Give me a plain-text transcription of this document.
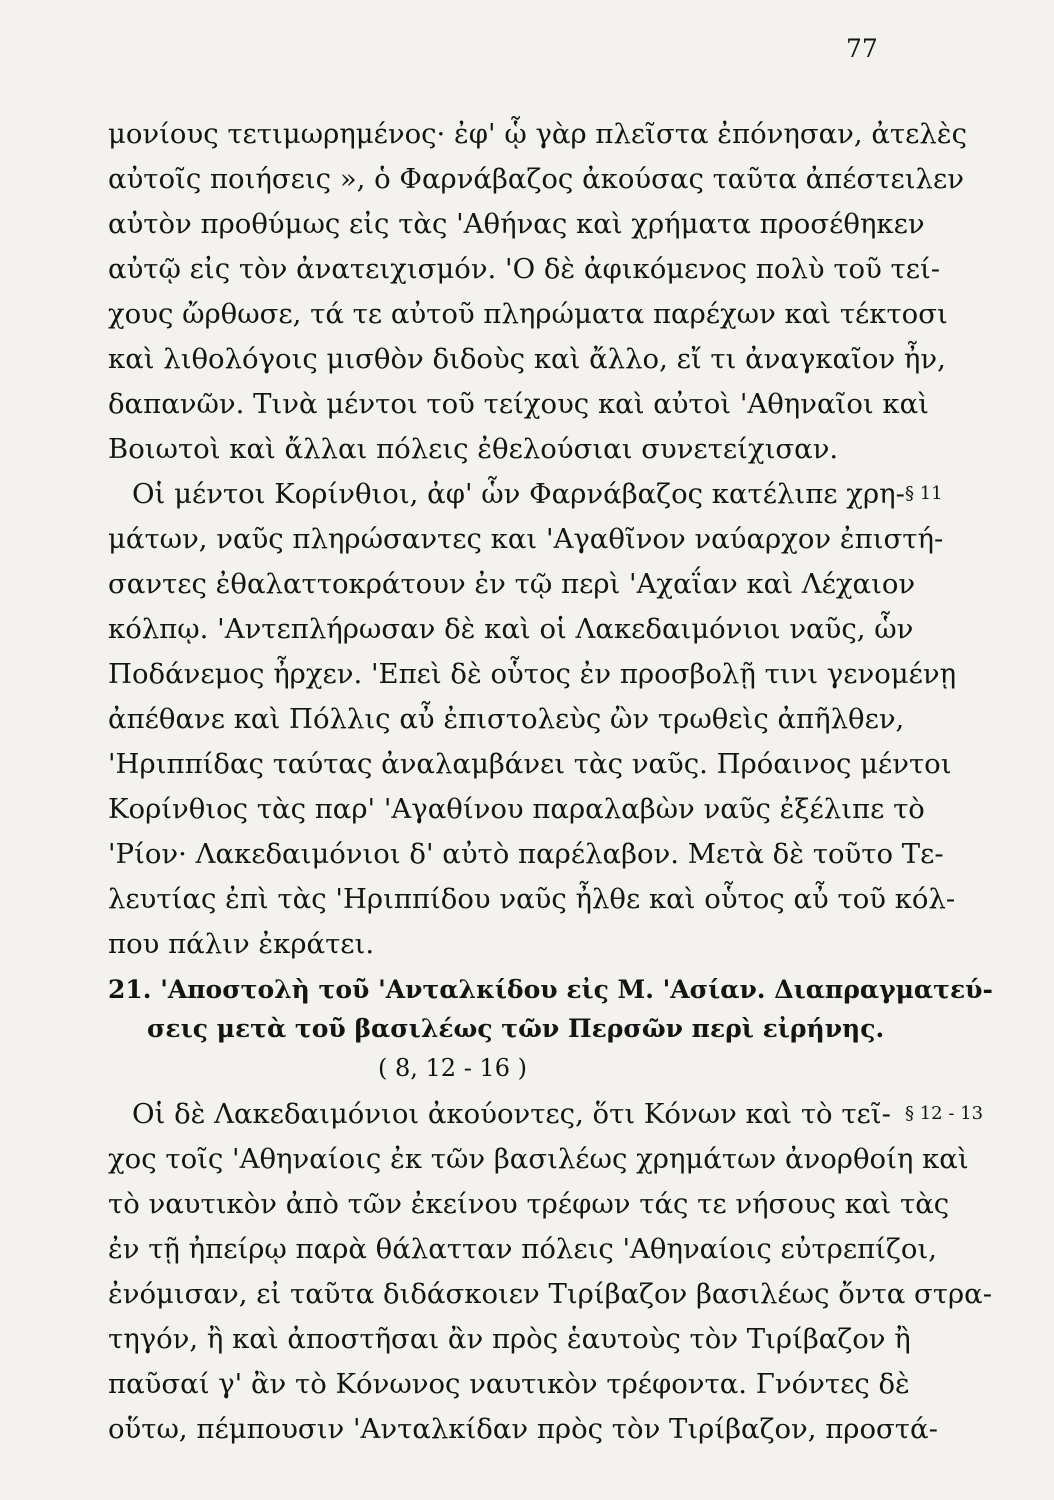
77
μονίους τετιμωρημένος· ἐφ' ᾧ γὰρ πλεῖστα ἐπόνησαν, ἀτελὲς
αὐτοῖς ποιήσεις », ὁ Φαρνάβαζος ἀκούσας ταῦτα ἀπέστειλεν
αὐτὸν προθύμως εἰς τὰς 'Αθήνας καὶ χρήματα προσέθηκεν
αὐτῷ εἰς τὸν ἀνατειχισμόν. 'Ο δὲ ἀφικόμενος πολὺ τοῦ τεί-
χους ὤρθωσε, τά τε αὐτοῦ πληρώματα παρέχων καὶ τέκτοσι
καὶ λιθολόγοις μισθὸν διδοὺς καὶ ἄλλο, εἴ τι ἀναγκαῖον ἦν,
δαπανῶν. Τινὰ μέντοι τοῦ τείχους καὶ αὐτοὶ 'Αθηναῖοι καὶ
Βοιωτοὶ καὶ ἄλλαι πόλεις ἐθελούσιαι συνετείχισαν.
Οἱ μέντοι Κορίνθιοι, ἀφ' ὧν Φαρνάβαζος κατέλιπε χρη- § 11
μάτων, ναῦς πληρώσαντες και 'Αγαθῖνον ναύαρχον ἐπιστή-
σαντες ἐθαλαττοκράτουν ἐν τῷ περὶ 'Αχαΐαν καὶ Λέχαιον
κόλπῳ. 'Αντεπλήρωσαν δὲ καὶ οἱ Λακεδαιμόνιοι ναῦς, ὧν
Ποδάνεμος ἦρχεν. 'Επεὶ δὲ οὗτος ἐν προσβολῇ τινι γενομένῃ
ἀπέθανε καὶ Πόλλις αὖ ἐπιστολεὺς ὢν τρωθεὶς ἀπῆλθεν,
'Ηριππίδας ταύτας ἀναλαμβάνει τὰς ναῦς. Πρόαινος μέντοι
Κορίνθιος τὰς παρ' 'Αγαθίνου παραλαβὼν ναῦς ἐξέλιπε τὸ
'Ρίον· Λακεδαιμόνιοι δ' αὐτὸ παρέλαβον. Μετὰ δὲ τοῦτο Τε-
λευτίας ἐπὶ τὰς 'Ηριππίδου ναῦς ἦλθε καὶ οὗτος αὖ τοῦ κόλ-
που πάλιν ἐκράτει.
21. 'Αποστολὴ τοῦ 'Ανταλκίδου εἰς Μ. 'Ασίαν. Διαπραγματεύ-
σεις μετὰ τοῦ βασιλέως τῶν Περσῶν περὶ εἰρήνης.
( 8, 12 - 16 )
Οἱ δὲ Λακεδαιμόνιοι ἀκούοντες, ὅτι Κόνων καὶ τὸ τεῖ- § 12 - 13
χος τοῖς 'Αθηναίοις ἐκ τῶν βασιλέως χρημάτων ἀνορθοίη καὶ
τὸ ναυτικὸν ἀπὸ τῶν ἐκείνου τρέφων τάς τε νήσους καὶ τὰς
ἐν τῇ ἠπείρῳ παρὰ θάλατταν πόλεις 'Αθηναίοις εὐτρεπίζοι,
ἐνόμισαν, εἰ ταῦτα διδάσκοιεν Τιρίβαζον βασιλέως ὄντα στρα-
τηγόν, ἢ καὶ ἀποστῆσαι ἂν πρὸς ἑαυτοὺς τὸν Τιρίβαζον ἢ
παῦσαί γ' ἂν τὸ Κόνωνος ναυτικὸν τρέφοντα. Γνόντες δὲ
οὕτω, πέμπουσιν 'Ανταλκίδαν πρὸς τὸν Τιρίβαζον, προστά-
